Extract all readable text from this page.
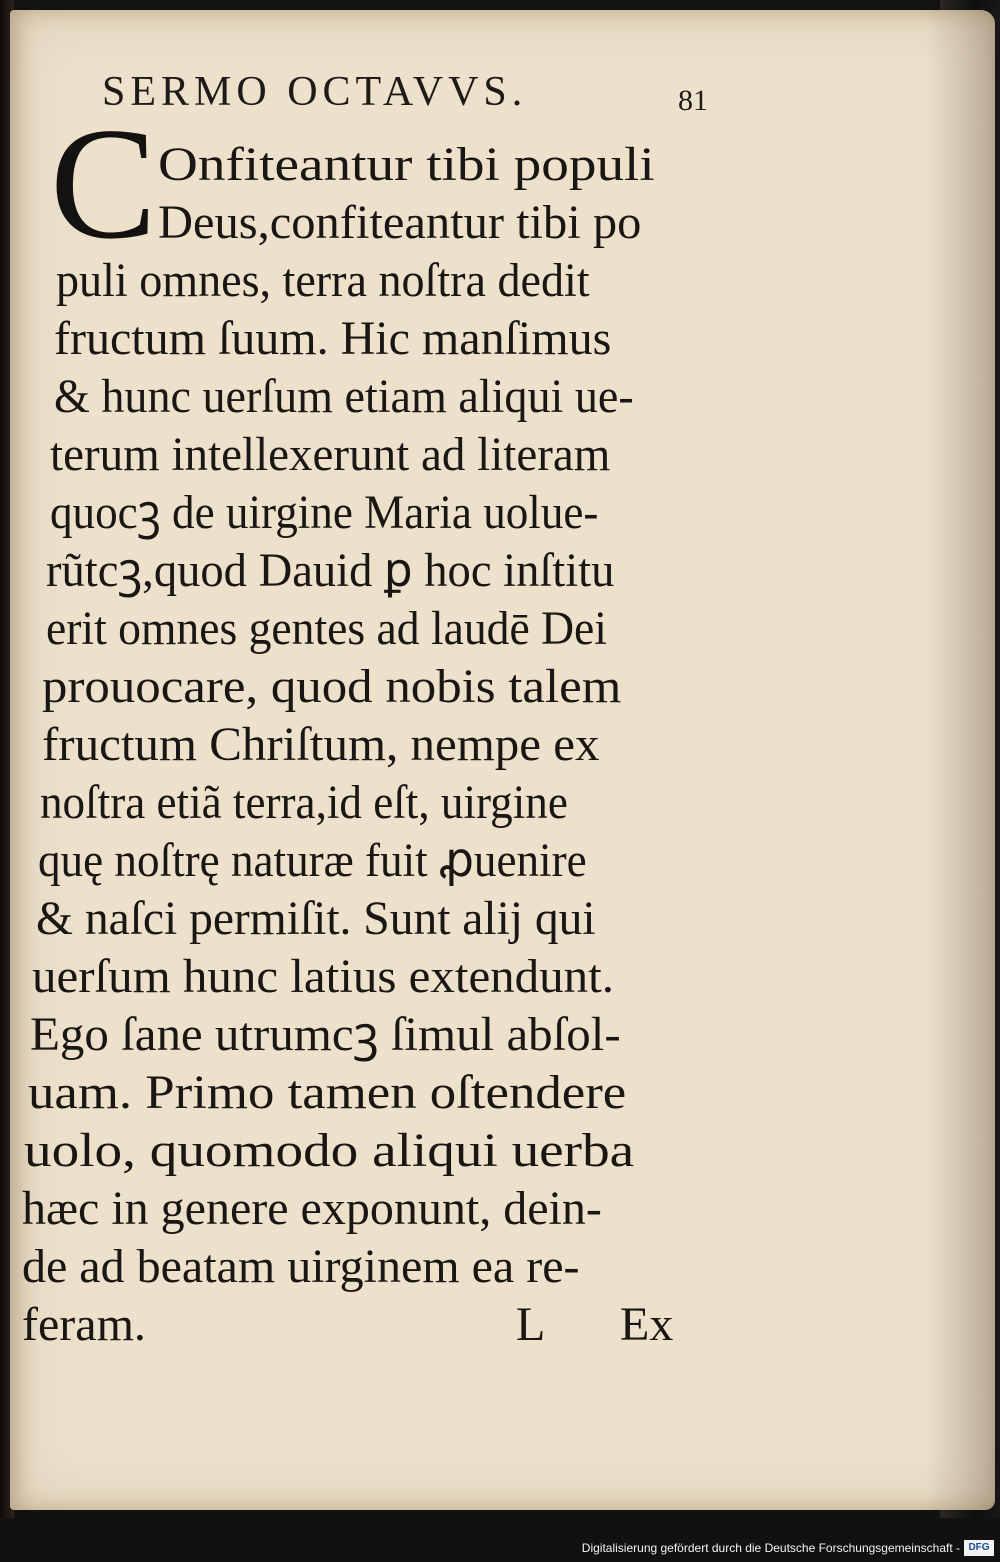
SERMO OCTAVVS.	81
C Onfiteantur tibi populi
Deus,confiteantur tibi po
puli omnes, terra noſtra dedit
fructum ſuum. Hic manſimus
& hunc uerſum etiam aliqui ue-
terum intellexerunt ad literam
quocꝫ de uirgine Maria uolue-
rũtcꝫ,quod Dauid ꝑ hoc inſtitu
erit omnes gentes ad laudē Dei
prouocare, quod nobis talem
fructum Chriſtum, nempe ex
noſtra etiã terra,id eſt, uirgine
quę noſtrę naturæ fuit ꝓuenire
& naſci permiſit. Sunt alij qui
uerſum hunc latius extendunt.
Ego ſane utrumcꝫ ſimul abſol-
uam. Primo tamen oſtendere
uolo, quomodo aliqui uerba
hæc in genere exponunt, dein-
de ad beatam uirginem ea re-
feram.	L Ex
Digitalisierung gefördert durch die Deutsche Forschungsgemeinschaft - DFG
